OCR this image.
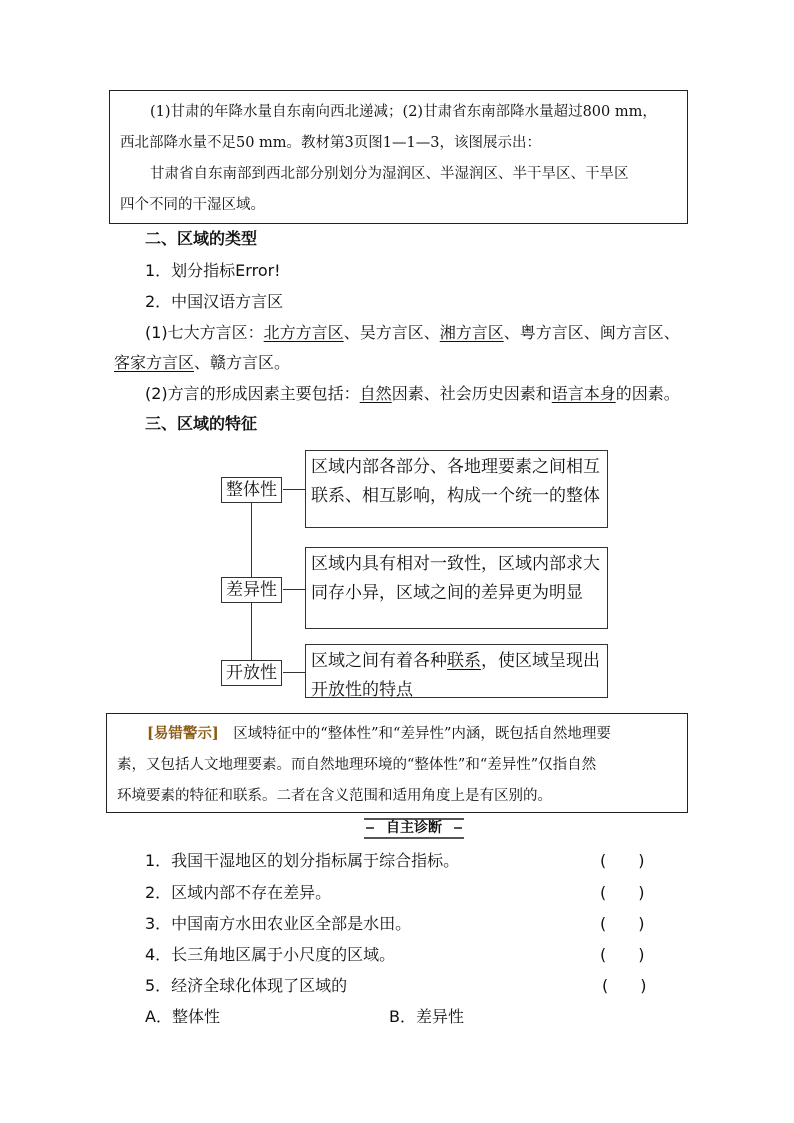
(1)甘肃的年降水量自东南向西北递减；(2)甘肃省东南部降水量超过800 mm，

西北部降水量不足50 mm。教材第3页图1—1—3，该图展示出：

甘肃省自东南部到西北部分别划分为湿润区、半湿润区、半干旱区、干旱区

四个不同的干湿区域。

二、区域的类型
1．划分指标Error!
2．中国汉语方言区
(1)七大方言区：北方方言区、吴方言区、湘方言区、粤方言区、闽方言区、
客家方言区、赣方言区。
(2)方言的形成因素主要包括：自然因素、社会历史因素和语言本身的因素。
三、区域的特征
整体性
区域内部各部分、各地理要素之间相互联系、相互影响，构成一个统一的整体
差异性
区域内具有相对一致性，区域内部求大同存小异，区域之间的差异更为明显
开放性
区域之间有着各种联系，使区域呈现出开放性的特点

[易错警示]　区域特征中的“整体性”和“差异性”内涵，既包括自然地理要

素，又包括人文地理要素。而自然地理环境的“整体性”和“差异性”仅指自然

环境要素的特征和联系。二者在含义范围和适用角度上是有区别的。

自主诊断
1．我国干湿地区的划分指标属于综合指标。	(　　)
2．区域内部不存在差异。	(　　)
3．中国南方水田农业区全部是水田。	(　　)
4．长三角地区属于小尺度的区域。	(　　)
5．经济全球化体现了区域的	(　　)
A．整体性	B．差异性
